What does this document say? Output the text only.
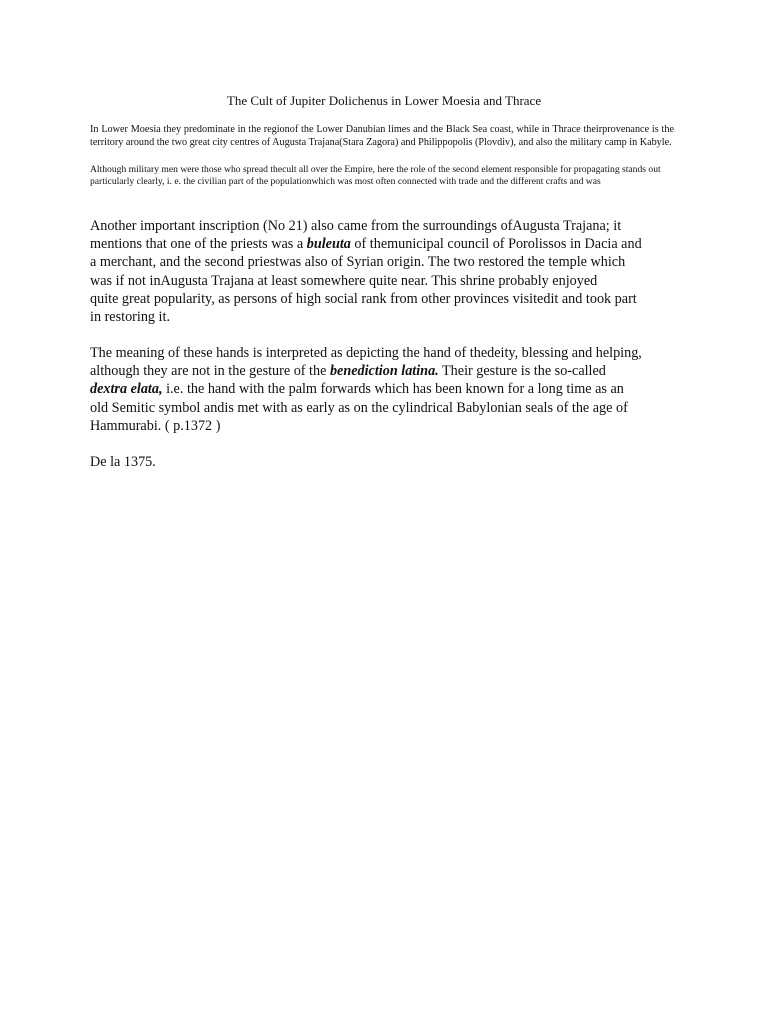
The Cult of Jupiter Dolichenus in Lower Moesia and Thrace
In Lower Moesia they predominate in the regionof the Lower Danubian limes and the Black Sea coast, while in Thrace theirprovenance is the territory around the two great city centres of Augusta Trajana(Stara Zagora) and Philippopolis (Plovdiv), and also the military camp in Kabyle.
Although military men were those who spread thecult all over the Empire, here the role of the second element responsible for propagating stands out particularly clearly, i. e. the civilian part of the populationwhich was most often connected with trade and the different crafts and was
Another important inscription (No 21) also came from the surroundings ofAugusta Trajana; it
mentions that one of the priests was a buleuta of themunicipal council of Porolissos in Dacia and
a merchant, and the second priestwas also of Syrian origin. The two restored the temple which
was if not inAugusta Trajana at least somewhere quite near. This shrine probably enjoyed
quite great popularity, as persons of high social rank from other provinces visitedit and took part
in restoring it.
The meaning of these hands is interpreted as depicting the hand of thedeity, blessing and helping,
although they are not in the gesture of the benediction latina. Their gesture is the so-called
dextra elata, i.e. the hand with the palm forwards which has been known for a long time as an
old Semitic symbol andis met with as early as on the cylindrical Babylonian seals of the age of
Hammurabi. ( p.1372 )
De la 1375.
